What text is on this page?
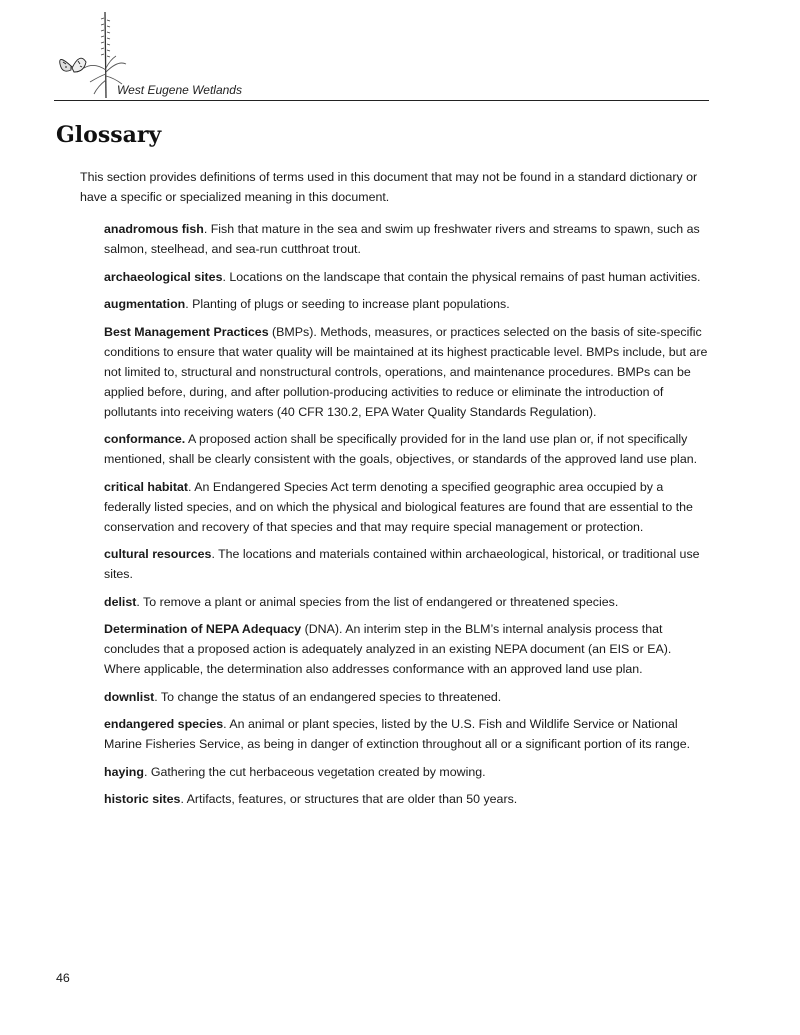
West Eugene Wetlands
Glossary

This section provides definitions of terms used in this document that may not be found in a standard dictionary or have a specific or specialized meaning in this document.

anadromous fish. Fish that mature in the sea and swim up freshwater rivers and streams to spawn, such as salmon, steelhead, and sea-run cutthroat trout.

archaeological sites. Locations on the landscape that contain the physical remains of past human activities.

augmentation. Planting of plugs or seeding to increase plant populations.

Best Management Practices (BMPs). Methods, measures, or practices selected on the basis of site-specific conditions to ensure that water quality will be maintained at its highest practicable level. BMPs include, but are not limited to, structural and nonstructural controls, operations, and maintenance procedures. BMPs can be applied before, during, and after pollution-producing activities to reduce or eliminate the introduction of pollutants into receiving waters (40 CFR 130.2, EPA Water Quality Standards Regulation).

conformance. A proposed action shall be specifically provided for in the land use plan or, if not specifically mentioned, shall be clearly consistent with the goals, objectives, or standards of the approved land use plan.

critical habitat. An Endangered Species Act term denoting a specified geographic area occupied by a federally listed species, and on which the physical and biological features are found that are essential to the conservation and recovery of that species and that may require special management or protection.

cultural resources. The locations and materials contained within archaeological, historical, or traditional use sites.

delist. To remove a plant or animal species from the list of endangered or threatened species.

Determination of NEPA Adequacy (DNA). An interim step in the BLM’s internal analysis process that concludes that a proposed action is adequately analyzed in an existing NEPA document (an EIS or EA). Where applicable, the determination also addresses conformance with an approved land use plan.

downlist. To change the status of an endangered species to threatened.

endangered species. An animal or plant species, listed by the U.S. Fish and Wildlife Service or National Marine Fisheries Service, as being in danger of extinction throughout all or a significant portion of its range.

haying. Gathering the cut herbaceous vegetation created by mowing.

historic sites. Artifacts, features, or structures that are older than 50 years.

46
